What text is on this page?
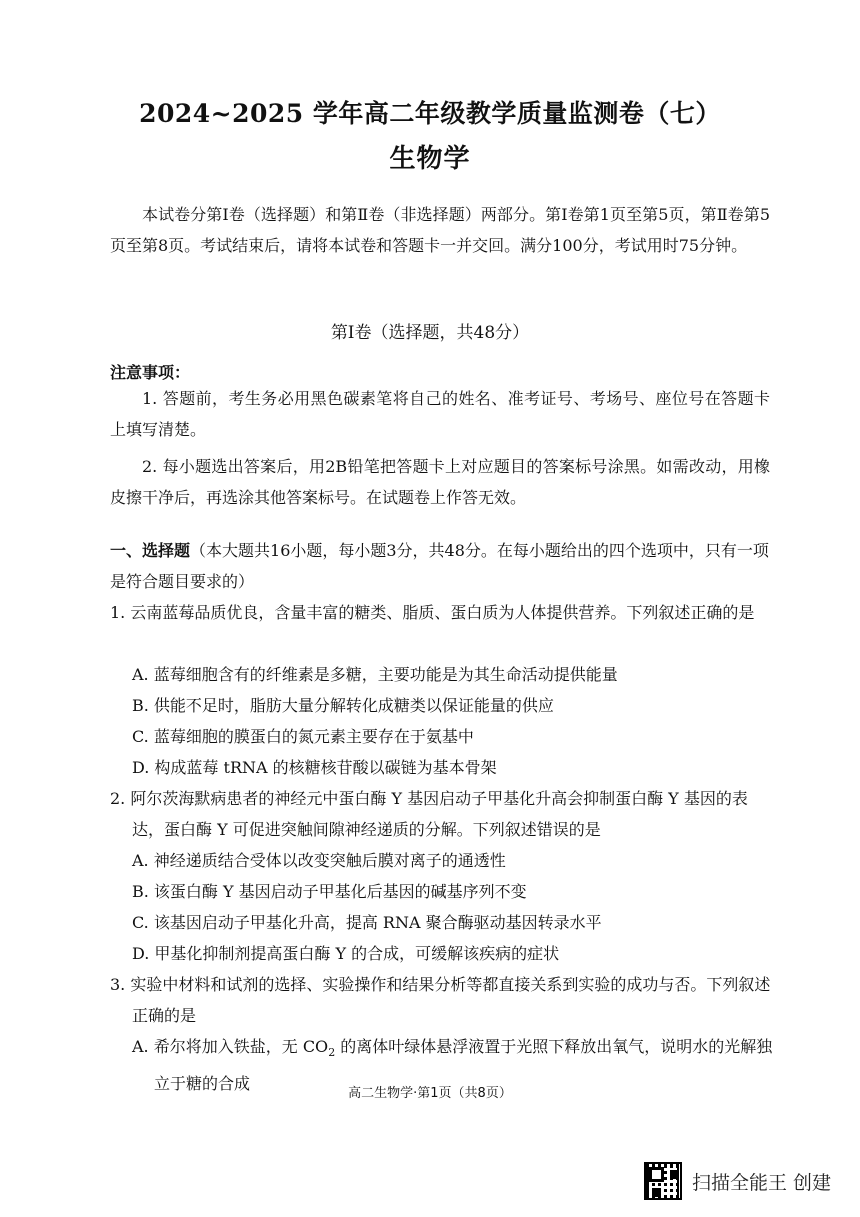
2024~2025 学年高二年级教学质量监测卷（七）
生物学
本试卷分第Ⅰ卷（选择题）和第Ⅱ卷（非选择题）两部分。第Ⅰ卷第1页至第5页，第Ⅱ卷第5页至第8页。考试结束后，请将本试卷和答题卡一并交回。满分100分，考试用时75分钟。
第Ⅰ卷（选择题，共48分）
注意事项：
1. 答题前，考生务必用黑色碳素笔将自己的姓名、准考证号、考场号、座位号在答题卡上填写清楚。
2. 每小题选出答案后，用2B铅笔把答题卡上对应题目的答案标号涂黑。如需改动，用橡皮擦干净后，再选涂其他答案标号。在试题卷上作答无效。
一、选择题（本大题共16小题，每小题3分，共48分。在每小题给出的四个选项中，只有一项是符合题目要求的）
1. 云南蓝莓品质优良，含量丰富的糖类、脂质、蛋白质为人体提供营养。下列叙述正确的是
A. 蓝莓细胞含有的纤维素是多糖，主要功能是为其生命活动提供能量
B. 供能不足时，脂肪大量分解转化成糖类以保证能量的供应
C. 蓝莓细胞的膜蛋白的氮元素主要存在于氨基中
D. 构成蓝莓 tRNA 的核糖核苷酸以碳链为基本骨架
2. 阿尔茨海默病患者的神经元中蛋白酶 Y 基因启动子甲基化升高会抑制蛋白酶 Y 基因的表达，蛋白酶 Y 可促进突触间隙神经递质的分解。下列叙述错误的是
A. 神经递质结合受体以改变突触后膜对离子的通透性
B. 该蛋白酶 Y 基因启动子甲基化后基因的碱基序列不变
C. 该基因启动子甲基化升高，提高 RNA 聚合酶驱动基因转录水平
D. 甲基化抑制剂提高蛋白酶 Y 的合成，可缓解该疾病的症状
3. 实验中材料和试剂的选择、实验操作和结果分析等都直接关系到实验的成功与否。下列叙述正确的是
A. 希尔将加入铁盐，无 $CO_2$ 的离体叶绿体悬浮液置于光照下释放出氧气，说明水的光解独立于糖的合成
高二生物学·第1页（共8页）
扫描全能王 创建
